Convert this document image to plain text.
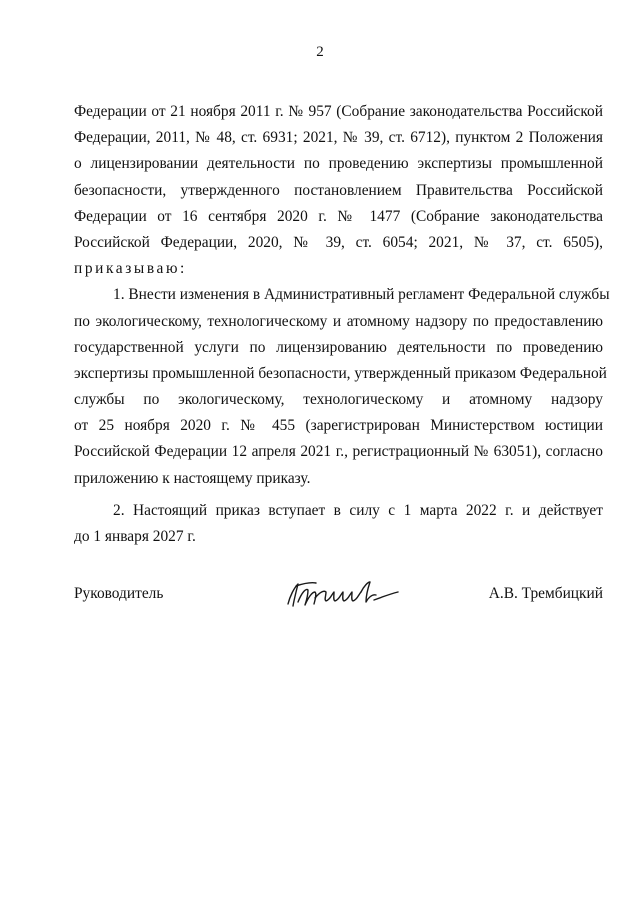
2
Федерации от 21 ноября 2011 г. № 957 (Собрание законодательства Российской
Федерации, 2011, № 48, ст. 6931; 2021, № 39, ст. 6712), пунктом 2 Положения
о лицензировании деятельности по проведению экспертизы промышленной
безопасности, утвержденного постановлением Правительства Российской
Федерации от 16 сентября 2020 г. № 1477 (Собрание законодательства
Российской Федерации, 2020, № 39, ст. 6054; 2021, № 37, ст. 6505),
приказываю:
1. Внести изменения в Административный регламент Федеральной службы
по экологическому, технологическому и атомному надзору по предоставлению
государственной услуги по лицензированию деятельности по проведению
экспертизы промышленной безопасности, утвержденный приказом Федеральной
службы по экологическому, технологическому и атомному надзору
от 25 ноября 2020 г. № 455 (зарегистрирован Министерством юстиции
Российской Федерации 12 апреля 2021 г., регистрационный № 63051), согласно
приложению к настоящему приказу.
2. Настоящий приказ вступает в силу с 1 марта 2022 г. и действует
до 1 января 2027 г.
Руководитель	А.В. Трембицкий
